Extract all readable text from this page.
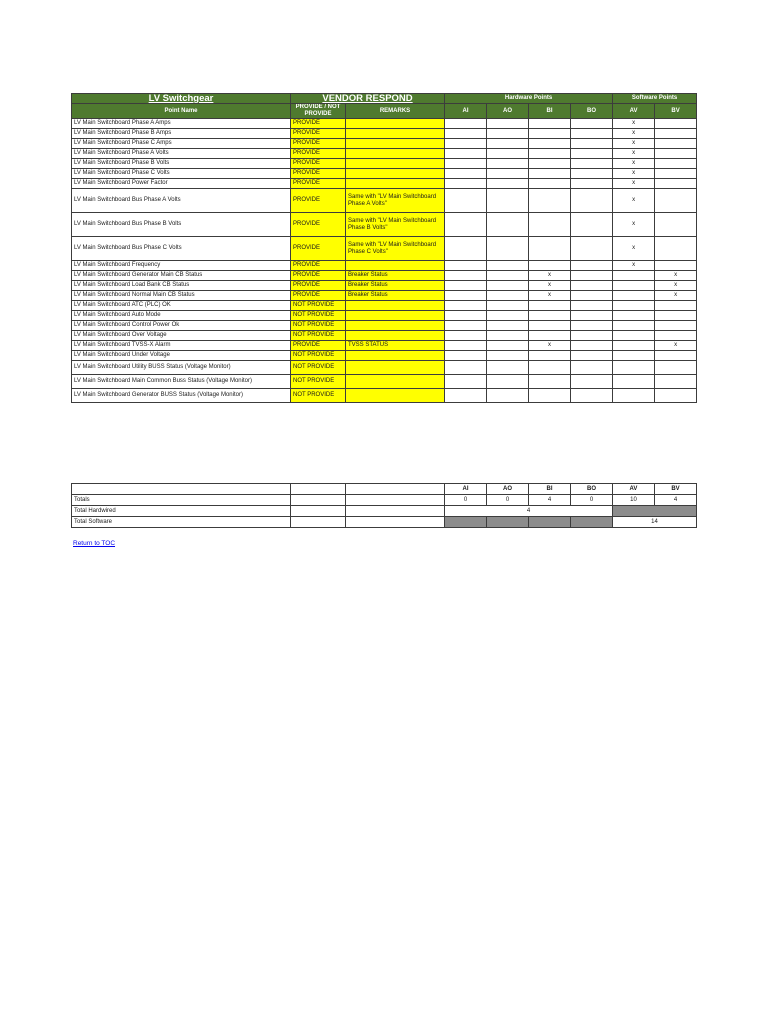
LV Switchgear	VENDOR RESPOND		Hardware Points				Software Points	
Point Name	PROVIDE / NOT PROVIDE	REMARKS	AI	AO	BI	BO	AV	BV
LV Main Switchboard Phase A Amps	PROVIDE						x	
LV Main Switchboard Phase B Amps	PROVIDE						x	
LV Main Switchboard Phase C Amps	PROVIDE						x	
LV Main Switchboard Phase A Volts	PROVIDE						x	
LV Main Switchboard Phase B Volts	PROVIDE						x	
LV Main Switchboard Phase C Volts	PROVIDE						x	
LV Main Switchboard Power Factor	PROVIDE						x	
LV Main Switchboard Bus Phase A Volts	PROVIDE	Same with "LV Main Switchboard Phase A Volts"					x	
LV Main Switchboard Bus Phase B Volts	PROVIDE	Same with "LV Main Switchboard Phase B Volts"					x	
LV Main Switchboard Bus Phase C Volts	PROVIDE	Same with "LV Main Switchboard Phase C Volts"					x	
LV Main Switchboard Frequency	PROVIDE						x	
LV Main Switchboard Generator Main CB Status	PROVIDE	Breaker Status			x			x
LV Main Switchboard Load Bank CB Status	PROVIDE	Breaker Status			x			x
LV Main Switchboard Normal Main CB Status	PROVIDE	Breaker Status			x			x
LV Main Switchboard ATC (PLC) OK	NOT PROVIDE							
LV Main Switchboard Auto Mode	NOT PROVIDE							
LV Main Switchboard Control Power Ok	NOT PROVIDE							
LV Main Switchboard Over Voltage	NOT PROVIDE							
LV Main Switchboard TVSS-X Alarm	PROVIDE	TVSS STATUS			x			x
LV Main Switchboard Under Voltage	NOT PROVIDE							
LV Main Switchboard Utility BUSS Status (Voltage Monitor)	NOT PROVIDE							
LV Main Switchboard Main Common Buss Status (Voltage Monitor)	NOT PROVIDE							
LV Main Switchboard Generator BUSS Status (Voltage Monitor)	NOT PROVIDE							
			AI	AO	BI	BO	AV	BV
Totals			0	0	4	0	10	4
Total Hardwired			4					
Total Software							14	
Return to TOC
